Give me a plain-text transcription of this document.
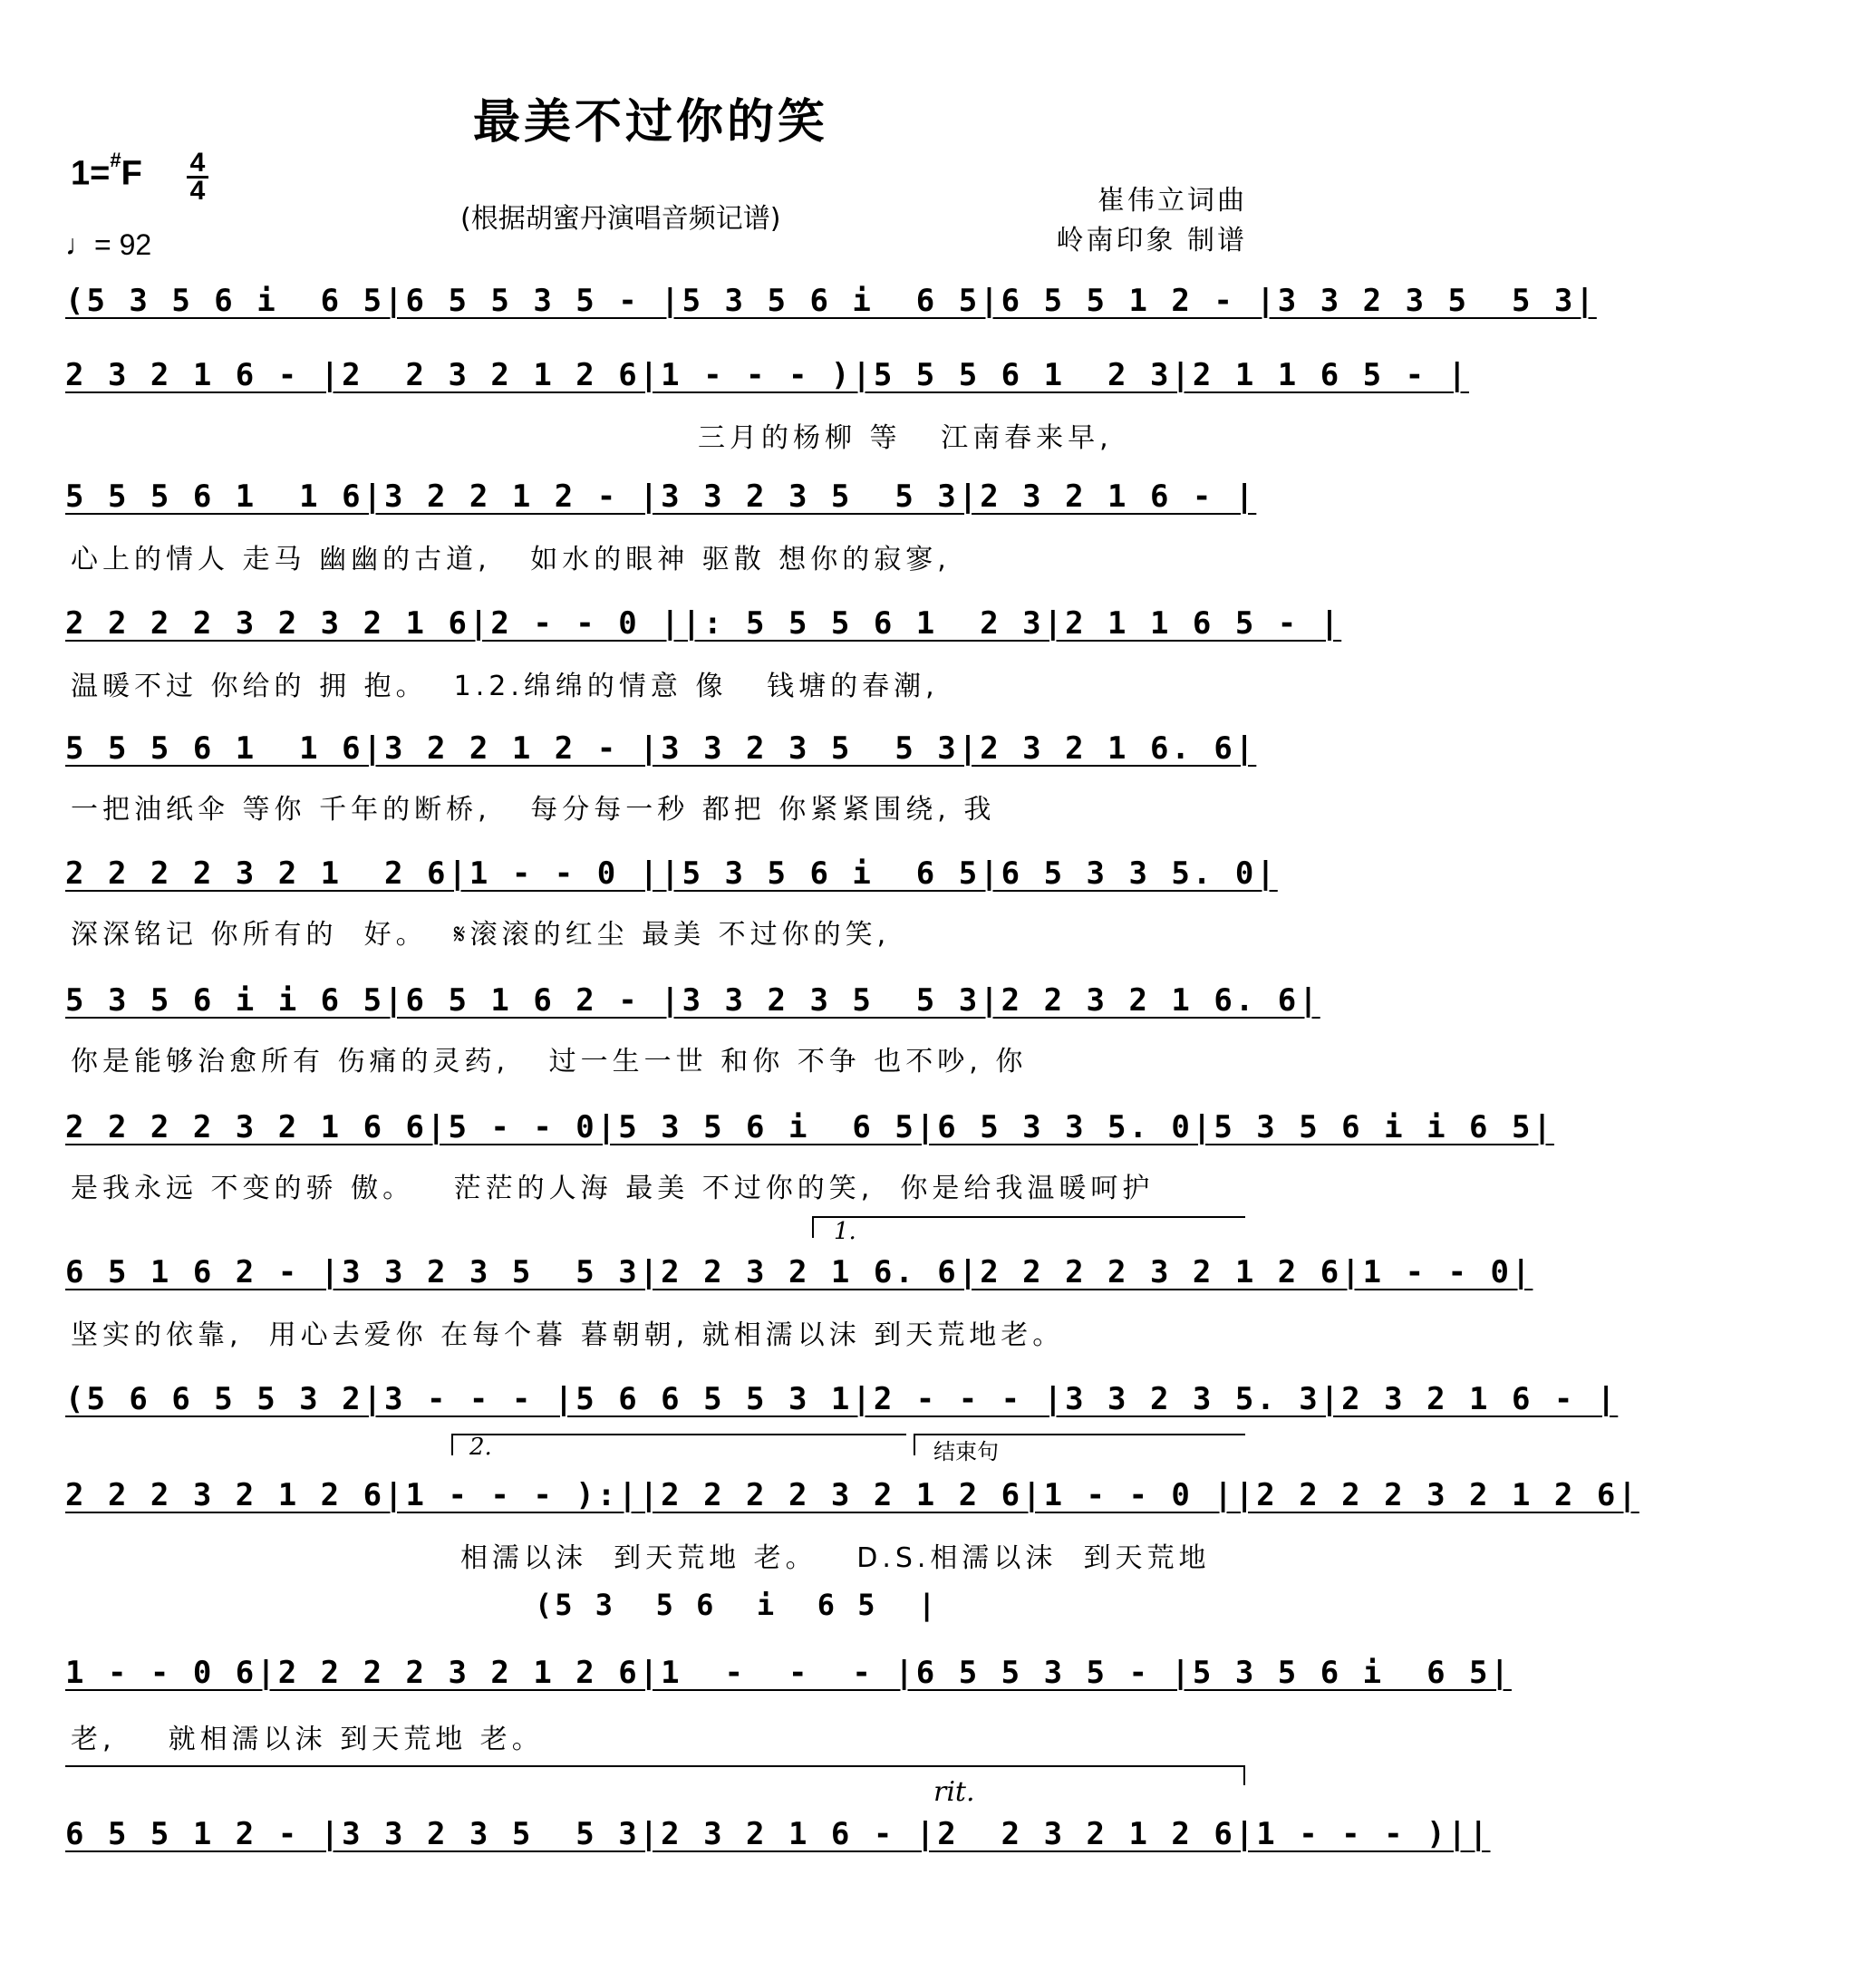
最美不过你的笑
1=#F 4
4
♩= 92
(根据胡蜜丹演唱音频记谱)
崔伟立词曲
岭南印象 制谱
(5 3 5 6 i  6 5|6 5 5 3 5 - |5 3 5 6 i  6 5|6 5 5 1 2 - |3 3 2 3 5  5 3|
2 3 2 1 6 - |2  2 3 2 1 2 6|1 - - - )|5 5 5 6 1  2 3|2 1 1 6 5 - |
三月的杨柳 等   江南春来早,
5 5 5 6 1  1 6|3 2 2 1 2 - |3 3 2 3 5  5 3|2 3 2 1 6 - |
心上的情人 走马 幽幽的古道,   如水的眼神 驱散 想你的寂寥,
2 2 2 2 3 2 3 2 1 6|2 - - 0 ||: 5 5 5 6 1  2 3|2 1 1 6 5 - |
温暖不过 你给的 拥 抱。  1.2.绵绵的情意 像   钱塘的春潮,
5 5 5 6 1  1 6|3 2 2 1 2 - |3 3 2 3 5  5 3|2 3 2 1 6. 6|
一把油纸伞 等你 千年的断桥,   每分每一秒 都把 你紧紧围绕, 我
2 2 2 2 3 2 1  2 6|1 - - 0 ||5 3 5 6 i  6 5|6 5 3 3 5. 0|
深深铭记 你所有的  好。  𝄋滚滚的红尘 最美 不过你的笑,
5 3 5 6 i i 6 5|6 5 1 6 2 - |3 3 2 3 5  5 3|2 2 3 2 1 6. 6|
你是能够治愈所有 伤痛的灵药,   过一生一世 和你 不争 也不吵, 你
2 2 2 2 3 2 1 6 6|5 - - 0|5 3 5 6 i  6 5|6 5 3 3 5. 0|5 3 5 6 i i 6 5|
是我永远 不变的骄 傲。   茫茫的人海 最美 不过你的笑,  你是给我温暖呵护
1.
6 5 1 6 2 - |3 3 2 3 5  5 3|2 2 3 2 1 6. 6|2 2 2 2 3 2 1 2 6|1 - - 0|
坚实的依靠,  用心去爱你 在每个暮 暮朝朝, 就相濡以沫 到天荒地老。
(5 6 6 5 5 3 2|3 - - - |5 6 6 5 5 3 1|2 - - - |3 3 2 3 5. 3|2 3 2 1 6 - |
2.	结束句
2 2 2 3 2 1 2 6|1 - - - ):||2 2 2 2 3 2 1 2 6|1 - - 0 ||2 2 2 2 3 2 1 2 6|
相濡以沫  到天荒地 老。   D.S.相濡以沫  到天荒地
(5 3  5 6  i  6 5  |
1 - - 0 6|2 2 2 2 3 2 1 2 6|1  -  -  - |6 5 5 3 5 - |5 3 5 6 i  6 5|
老,    就相濡以沫 到天荒地 老。
rit.
6 5 5 1 2 - |3 3 2 3 5  5 3|2 3 2 1 6 - |2  2 3 2 1 2 6|1 - - - )||
